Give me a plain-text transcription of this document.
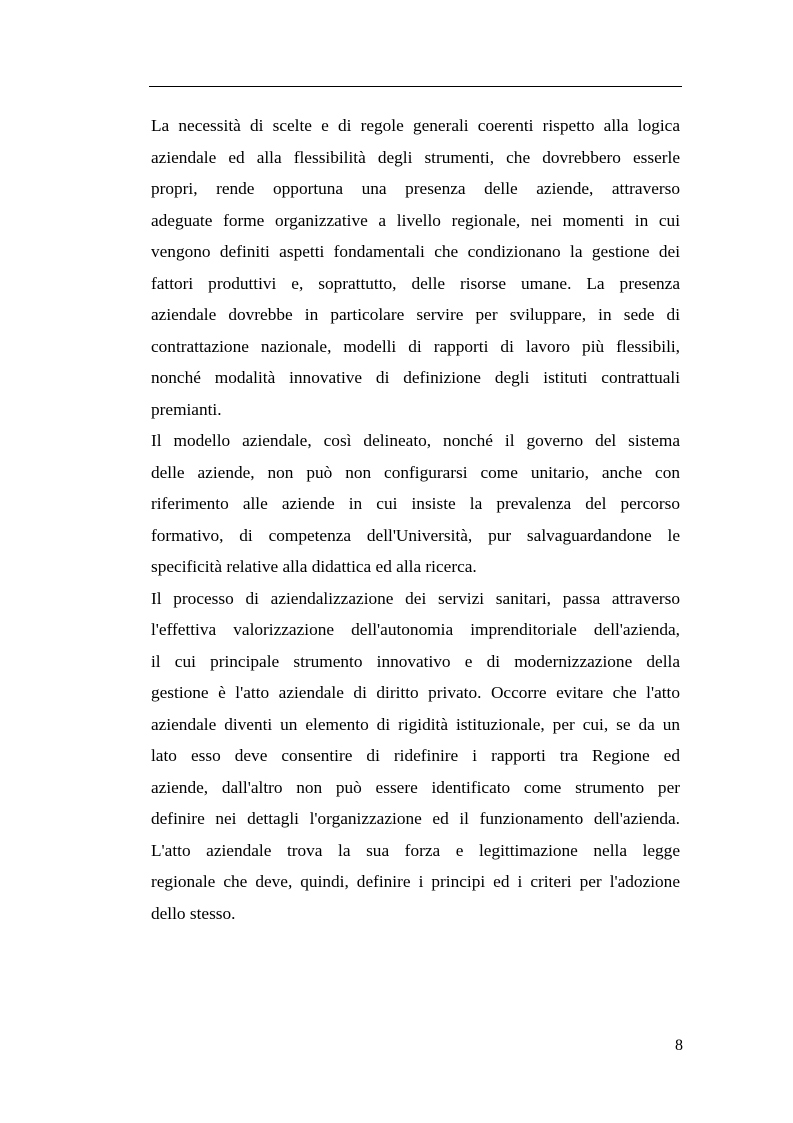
La necessità di scelte e di regole generali coerenti rispetto alla logica
aziendale ed alla flessibilità degli strumenti, che dovrebbero esserle
propri, rende opportuna una presenza delle aziende, attraverso
adeguate forme organizzative a livello regionale, nei momenti in cui
vengono definiti aspetti fondamentali che condizionano la gestione dei
fattori produttivi e, soprattutto, delle risorse umane. La presenza
aziendale dovrebbe in particolare servire per sviluppare, in sede di
contrattazione nazionale, modelli di rapporti di lavoro più flessibili,
nonché modalità innovative di definizione degli istituti contrattuali
premianti.
Il modello aziendale, così delineato, nonché il governo del sistema
delle aziende, non può non configurarsi come unitario, anche con
riferimento alle aziende in cui insiste la prevalenza del percorso
formativo, di competenza dell'Università, pur salvaguardandone le
specificità relative alla didattica ed alla ricerca.
Il processo di aziendalizzazione dei servizi sanitari, passa attraverso
l'effettiva valorizzazione dell'autonomia imprenditoriale dell'azienda,
il cui principale strumento innovativo e di modernizzazione della
gestione è l'atto aziendale di diritto privato. Occorre evitare che l'atto
aziendale diventi un elemento di rigidità istituzionale, per cui, se da un
lato esso deve consentire di ridefinire i rapporti tra Regione ed
aziende, dall'altro non può essere identificato come strumento per
definire nei dettagli l'organizzazione ed il funzionamento dell'azienda.
L'atto aziendale trova la sua forza e legittimazione nella legge
regionale che deve, quindi, definire i principi ed i criteri per l'adozione
dello stesso.
8
